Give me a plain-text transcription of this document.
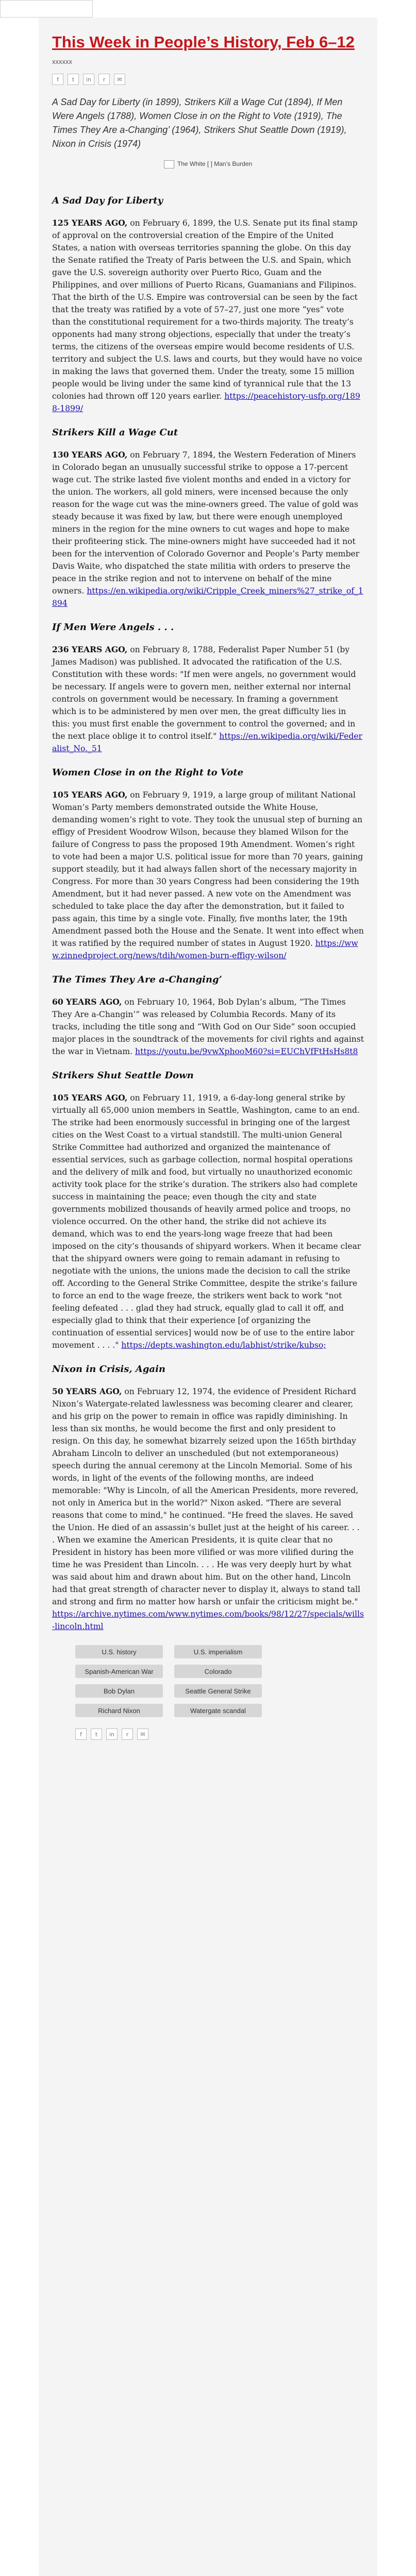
This Week in People’s History, Feb 6–12
xxxxxx
f	t	in	r	✉

A Sad Day for Liberty (in 1899), Strikers Kill a Wage Cut (1894), If Men Were Angels (1788), Women Close in on the Right to Vote (1919), The Times They Are a-Changing’ (1964), Strikers Shut Seattle Down (1919), Nixon in Crisis (1974)

The White [ ] Man’s Burden
A Sad Day for Liberty

125 YEARS AGO, on February 6, 1899, the U.S. Senate put its final stamp of approval on the controversial creation of the Empire of the United States, a nation with overseas territories spanning the globe. On this day the Senate ratified the Treaty of Paris between the U.S. and Spain, which gave the U.S. sovereign authority over Puerto Rico, Guam and the Philippines, and over millions of Puerto Ricans, Guamanians and Filipinos. That the birth of the U.S. Empire was controversial can be seen by the fact that the treaty was ratified by a vote of 57–27, just one more “yes” vote than the constitutional requirement for a two-thirds majority. The treaty’s opponents had many strong objections, especially that under the treaty’s terms, the citizens of the overseas empire would become residents of U.S. territory and subject the U.S. laws and courts, but they would have no voice in making the laws that governed them. Under the treaty, some 15 million people would be living under the same kind of tyrannical rule that the 13 colonies had thrown off 120 years earlier. https://peacehistory-usfp.org/1898-1899/

Strikers Kill a Wage Cut

130 YEARS AGO, on February 7, 1894, the Western Federation of Miners in Colorado began an unusually successful strike to oppose a 17-percent wage cut. The strike lasted five violent months and ended in a victory for the union. The workers, all gold miners, were incensed because the only reason for the wage cut was the mine-owners greed. The value of gold was steady because it was fixed by law, but there were enough unemployed miners in the region for the mine owners to cut wages and hope to make their profiteering stick. The mine-owners might have succeeded had it not been for the intervention of Colorado Governor and People’s Party member Davis Waite, who dispatched the state militia with orders to preserve the peace in the strike region and not to intervene on behalf of the mine owners. https://en.wikipedia.org/wiki/Cripple_Creek_miners%27_strike_of_1894

If Men Were Angels . . .

236 YEARS AGO, on February 8, 1788, Federalist Paper Number 51 (by James Madison) was published. It advocated the ratification of the U.S. Constitution with these words: "If men were angels, no government would be necessary. If angels were to govern men, neither external nor internal controls on government would be necessary. In framing a government which is to be administered by men over men, the great difficulty lies in this: you must first enable the government to control the governed; and in the next place oblige it to control itself." https://en.wikipedia.org/wiki/Federalist_No._51

Women Close in on the Right to Vote

105 YEARS AGO, on February 9, 1919, a large group of militant National Woman’s Party members demonstrated outside the White House, demanding women’s right to vote. They took the unusual step of burning an effigy of President Woodrow Wilson, because they blamed Wilson for the failure of Congress to pass the proposed 19th Amendment. Women’s right to vote had been a major U.S. political issue for more than 70 years, gaining support steadily, but it had always fallen short of the necessary majority in Congress. For more than 30 years Congress had been considering the 19th Amendment, but it had never passed. A new vote on the Amendment was scheduled to take place the day after the demonstration, but it failed to pass again, this time by a single vote. Finally, five months later, the 19th Amendment passed both the House and the Senate. It went into effect when it was ratified by the required number of states in August 1920. https://www.zinnedproject.org/news/tdih/women-burn-effigy-wilson/

The Times They Are a-Changing’

60 YEARS AGO, on February 10, 1964, Bob Dylan’s album, “The Times They Are a-Changin’” was released by Columbia Records. Many of its tracks, including the title song and “With God on Our Side” soon occupied major places in the soundtrack of the movements for civil rights and against the war in Vietnam. https://youtu.be/9vwXphooM60?si=EUChVfFtHsHs8t8

Strikers Shut Seattle Down

105 YEARS AGO, on February 11, 1919, a 6-day-long general strike by virtually all 65,000 union members in Seattle, Washington, came to an end. The strike had been enormously successful in bringing one of the largest cities on the West Coast to a virtual standstill. The multi-union General Strike Committee had authorized and organized the maintenance of essential services, such as garbage collection, normal hospital operations and the delivery of milk and food, but virtually no unauthorized economic activity took place for the strike’s duration. The strikers also had complete success in maintaining the peace; even though the city and state governments mobilized thousands of heavily armed police and troops, no violence occurred. On the other hand, the strike did not achieve its demand, which was to end the years-long wage freeze that had been imposed on the city’s thousands of shipyard workers. When it became clear that the shipyard owners were going to remain adamant in refusing to negotiate with the unions, the unions made the decision to call the strike off. According to the General Strike Committee, despite the strike’s failure to force an end to the wage freeze, the strikers went back to work "not feeling defeated . . . glad they had struck, equally glad to call it off, and especially glad to think that their experience [of organizing the continuation of essential services] would now be of use to the entire labor movement . . . ." https://depts.washington.edu/labhist/strike/kubso;

Nixon in Crisis, Again

50 YEARS AGO, on February 12, 1974, the evidence of President Richard Nixon’s Watergate-related lawlessness was becoming clearer and clearer, and his grip on the power to remain in office was rapidly diminishing. In less than six months, he would become the first and only president to resign. On this day, he somewhat bizarrely seized upon the 165th birthday Abraham Lincoln to deliver an unscheduled (but not extemporaneous) speech during the annual ceremony at the Lincoln Memorial. Some of his words, in light of the events of the following months, are indeed memorable: "Why is Lincoln, of all the American Presidents, more revered, not only in America but in the world?" Nixon asked. "There are several reasons that come to mind," he continued. "He freed the slaves. He saved the Union. He died of an assassin’s bullet just at the height of his career. . . . When we examine the American Presidents, it is quite clear that no President in history has been more vilified or was more vilified during the time he was President than Lincoln. . . . He was very deeply hurt by what was said about him and drawn about him. But on the other hand, Lincoln had that great strength of character never to display it, always to stand tall and strong and firm no matter how harsh or unfair the criticism might be." https://archive.nytimes.com/www.nytimes.com/books/98/12/27/specials/wills-lincoln.html

U.S. history	U.S. imperialism
Spanish-American War	Colorado
Bob Dylan	Seattle General Strike
Richard Nixon	Watergate scandal
f	t	in	r	✉
